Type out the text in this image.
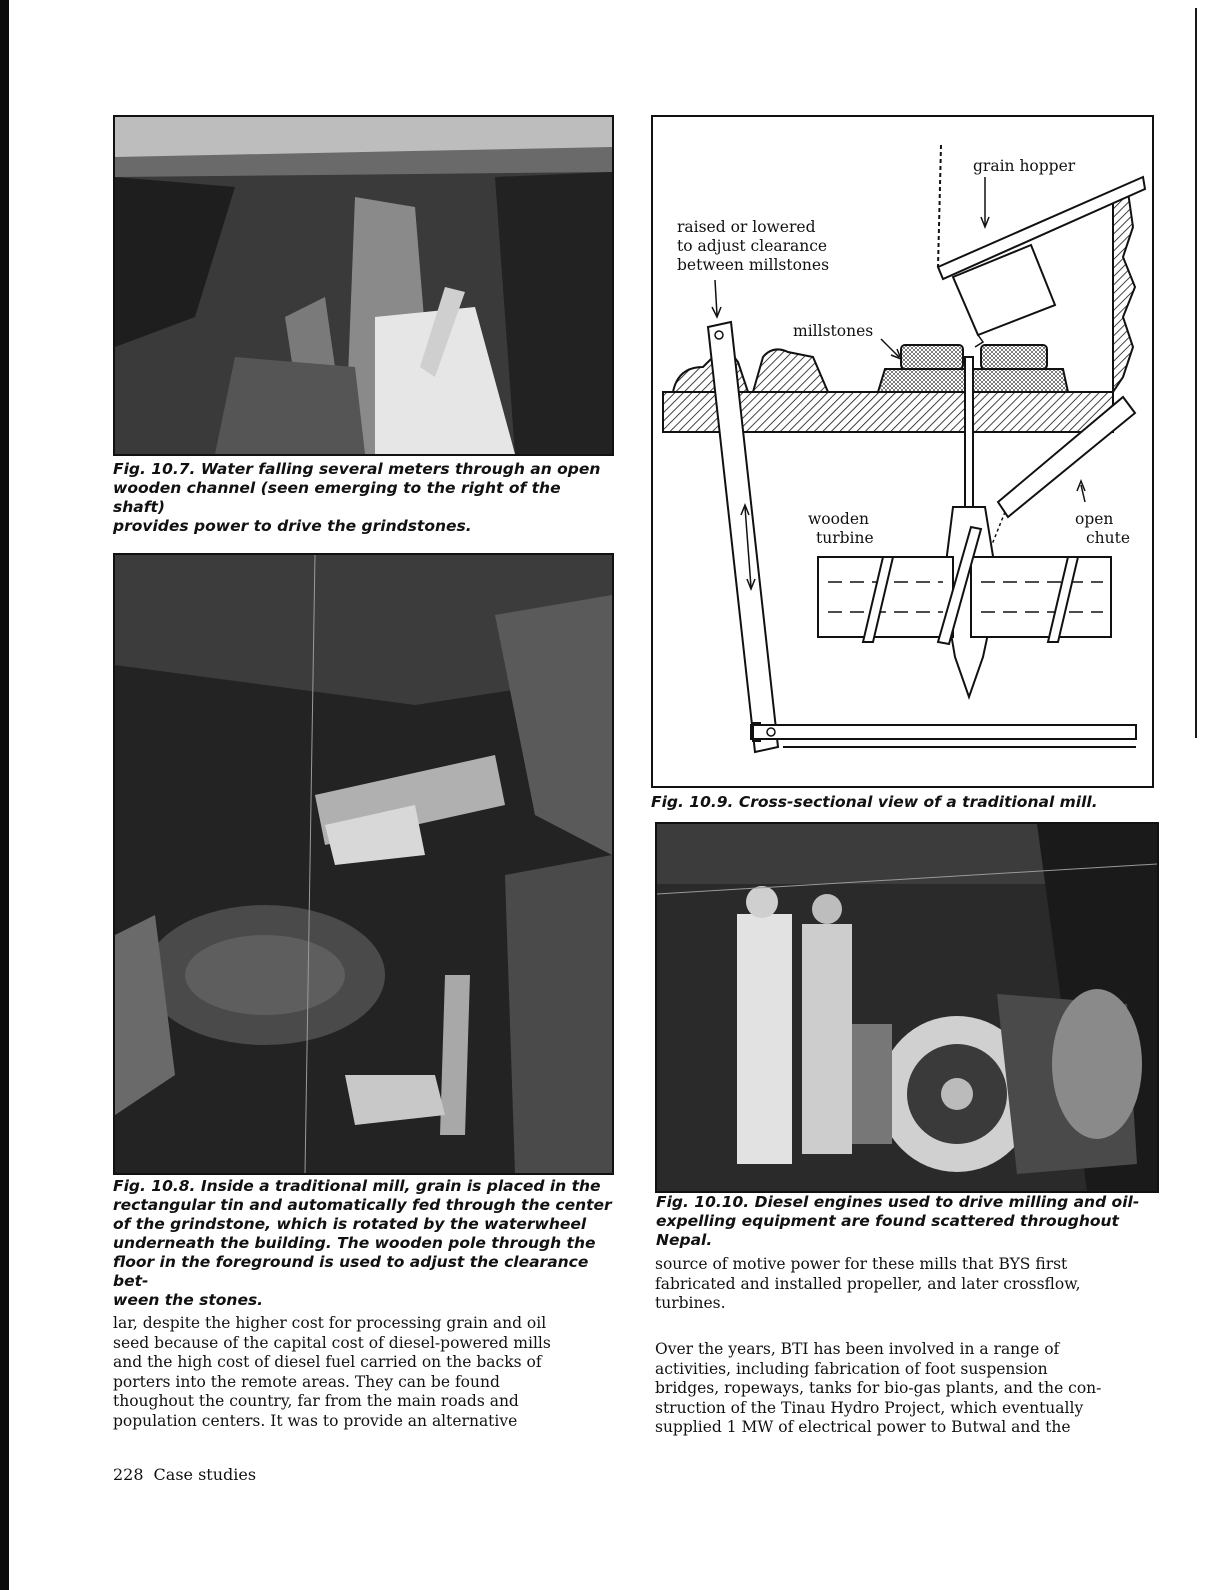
Fig. 10.7. Water falling several meters through an open
wooden channel (seen emerging to the right of the shaft)
provides power to drive the grindstones.
Fig. 10.8. Inside a traditional mill, grain is placed in the
rectangular tin and automatically fed through the center
of the grindstone, which is rotated by the waterwheel
underneath the building. The wooden pole through the
floor in the foreground is used to adjust the clearance bet-
ween the stones.
grain hopper
raised or lowered
to adjust clearance
between millstones
millstones
wooden
turbine
open
chute
Fig. 10.9. Cross-sectional view of a traditional mill.
Fig. 10.10. Diesel engines used to drive milling and oil-
expelling equipment are found scattered throughout Nepal.
lar, despite the higher cost for processing grain and oil
seed because of the capital cost of diesel-powered mills
and the high cost of diesel fuel carried on the backs of
porters into the remote areas. They can be found
thoughout the country, far from the main roads and
population centers. It was to provide an alternative
source of motive power for these mills that BYS first
fabricated and installed propeller, and later crossflow,
turbines.
Over the years, BTI has been involved in a range of
activities, including fabrication of foot suspension
bridges, ropeways, tanks for bio-gas plants, and the con-
struction of the Tinau Hydro Project, which eventually
supplied 1 MW of electrical power to Butwal and the
228 Case studies
